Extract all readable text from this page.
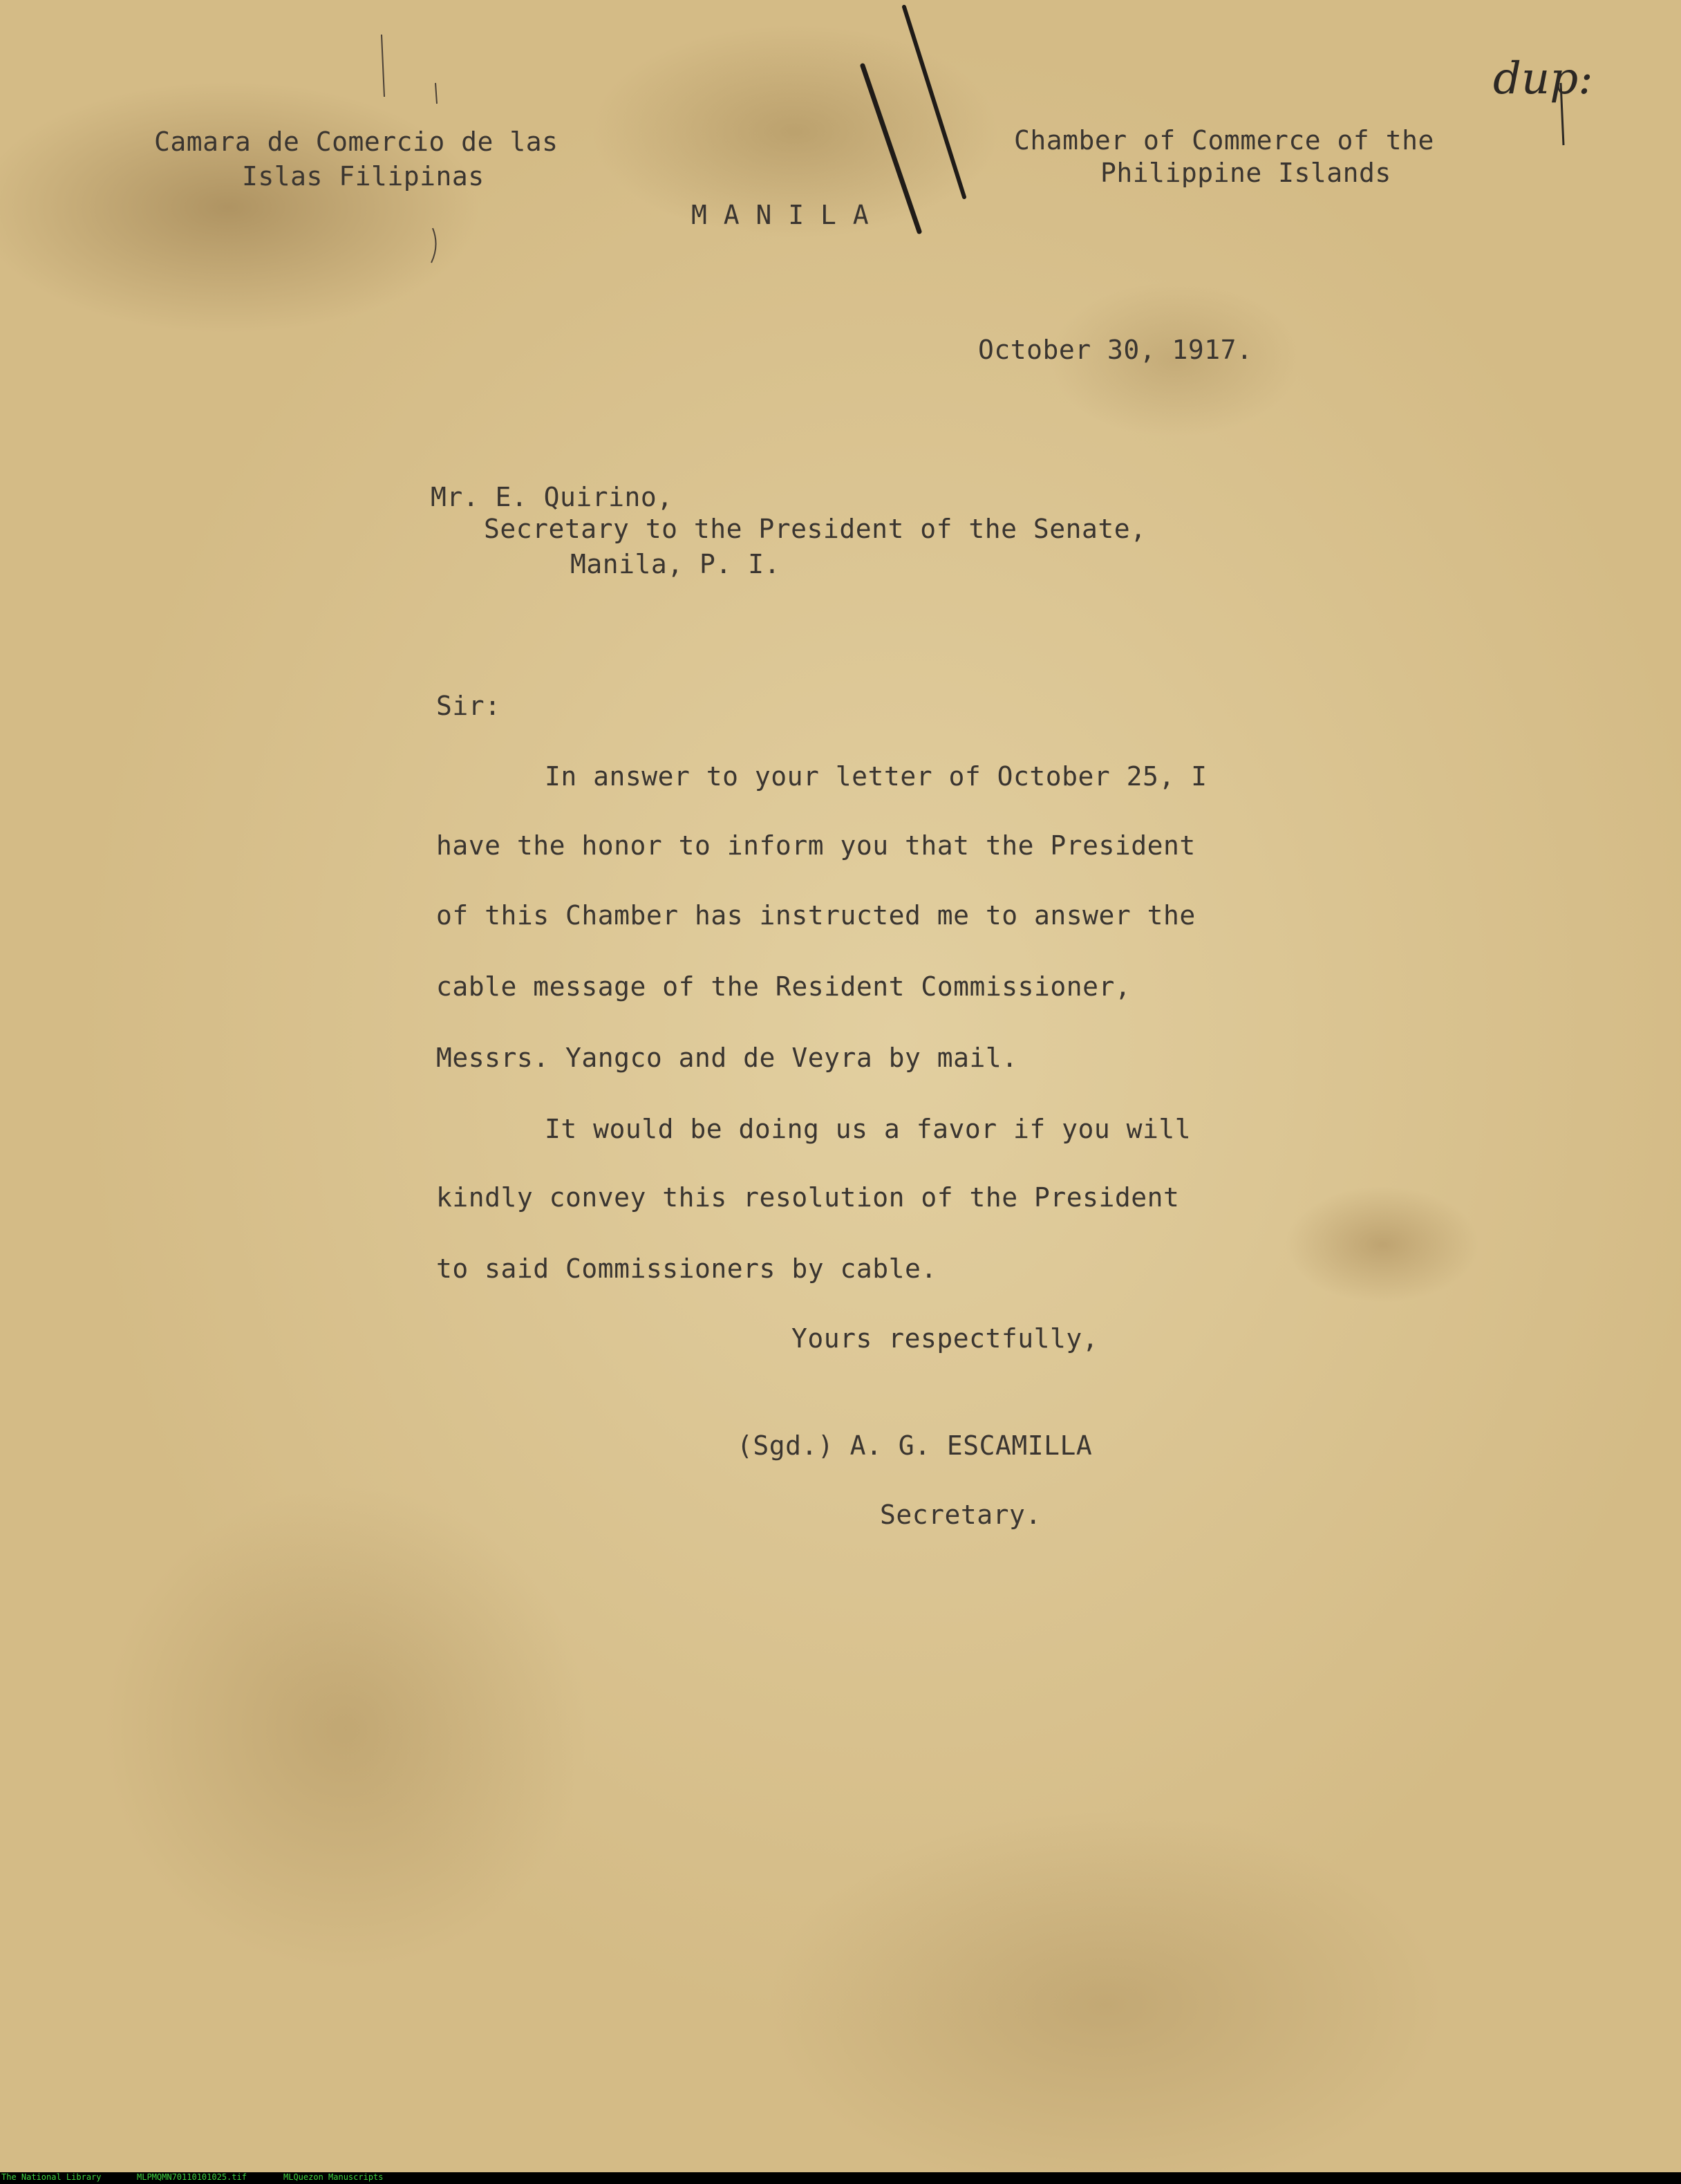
Camara de Comercio de las
Islas Filipinas
Chamber of Commerce of the
Philippine Islands
M A N I L A
dup:
October 30, 1917.
Mr. E. Quirino,
Secretary to the President of the Senate,
Manila, P. I.
Sir:
In answer to your letter of October 25, I
have the honor to inform you that the President
of this Chamber has instructed me to answer the
cable message of the Resident Commissioner,
Messrs. Yangco and de Veyra by mail.
It would be doing us a favor if you will
kindly convey this resolution of the President
to said Commissioners by cable.
Yours respectfully,
(Sgd.) A. G. ESCAMILLA
Secretary.
The National Library	MLPMQMN70110101025.tif	MLQuezon Manuscripts
